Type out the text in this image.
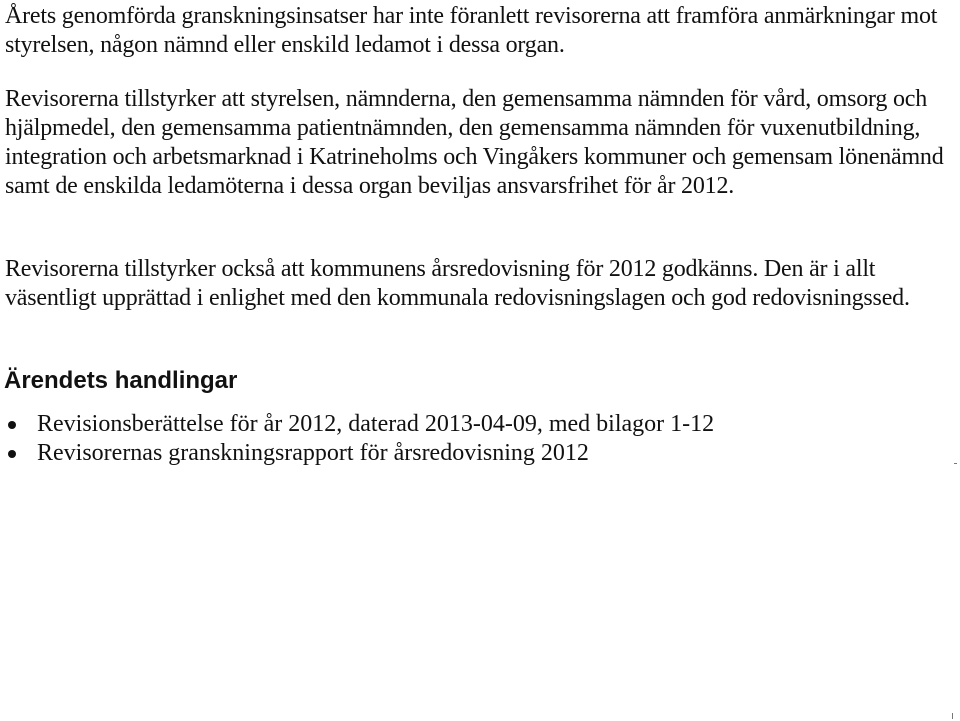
Årets genomförda granskningsinsatser har inte föranlett revisorerna att framföra anmärkningar mot styrelsen, någon nämnd eller enskild ledamot i dessa organ.

Revisorerna tillstyrker att styrelsen, nämnderna, den gemensamma nämnden för vård, omsorg och hjälpmedel, den gemensamma patientnämnden, den gemensamma nämnden för vuxenutbildning, integration och arbetsmarknad i Katrineholms och Vingåkers kommuner och gemensam lönenämnd samt de enskilda ledamöterna i dessa organ beviljas ansvarsfrihet för år 2012.

Revisorerna tillstyrker också att kommunens årsredovisning för 2012 godkänns. Den är i allt väsentligt upprättad i enlighet med den kommunala redovisningslagen och god redovisningssed.

Ärendets handlingar
Revisionsberättelse för år 2012, daterad 2013-04-09, med bilagor 1-12
Revisorernas granskningsrapport för årsredovisning 2012
